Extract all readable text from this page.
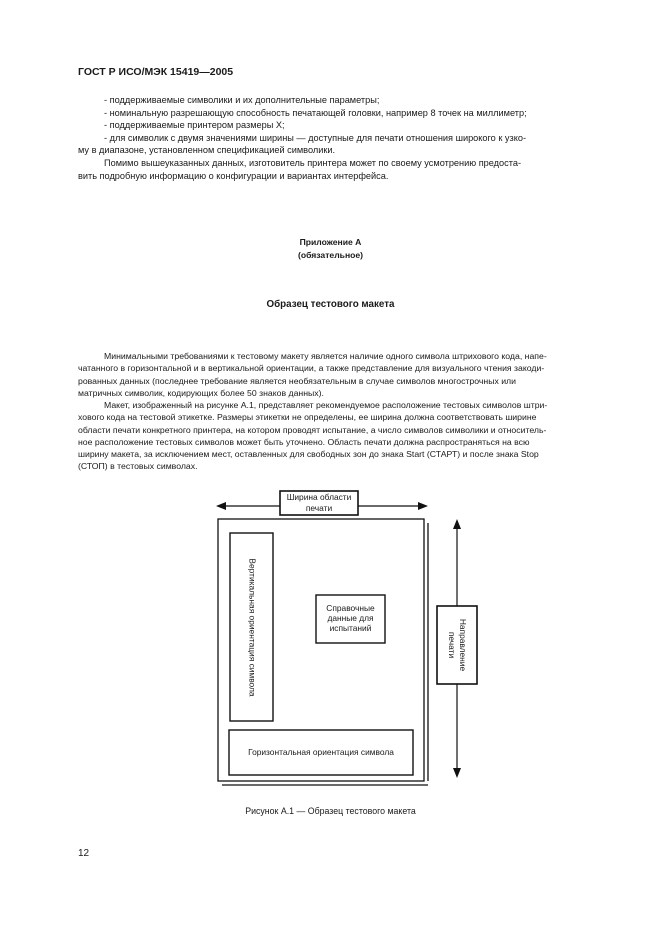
ГОСТ Р ИСО/МЭК 15419—2005
- поддерживаемые символики и их дополнительные параметры;
- номинальную разрешающую способность печатающей головки, например 8 точек на миллиметр;
- поддерживаемые принтером размеры X;
- для символик с двумя значениями ширины — доступные для печати отношения широкого к узко-
му в диапазоне, установленном спецификацией символики.
Помимо вышеуказанных данных, изготовитель принтера может по своему усмотрению предоста-
вить подробную информацию о конфигурации и вариантах интерфейса.
Приложение А
(обязательное)
Образец тестового макета
Минимальными требованиями к тестовому макету является наличие одного символа штрихового кода, напе-
чатанного в горизонтальной и в вертикальной ориентации, а также представление для визуального чтения закоди-
рованных данных (последнее требование является необязательным в случае символов многострочных или
матричных символик, кодирующих более 50 знаков данных).
Макет, изображенный на рисунке А.1, представляет рекомендуемое расположение тестовых символов штри-
хового кода на тестовой этикетке. Размеры этикетки не определены, ее ширина должна соответствовать ширине
области печати конкретного принтера, на котором проводят испытание, а число символов символики и относитель-
ное расположение тестовых символов может быть уточнено. Область печати должна распространяться на всю
ширину макета, за исключением мест, оставленных для свободных зон до знака Start (СТАРТ) и после знака Stop
(СТОП) в тестовых символах.
Ширина области
печати
Вертикальная ориентация символа	Справочные
данные для
испытаний	Направление
печати
Горизонтальная ориентация символа
Рисунок А.1 — Образец тестового макета
12
